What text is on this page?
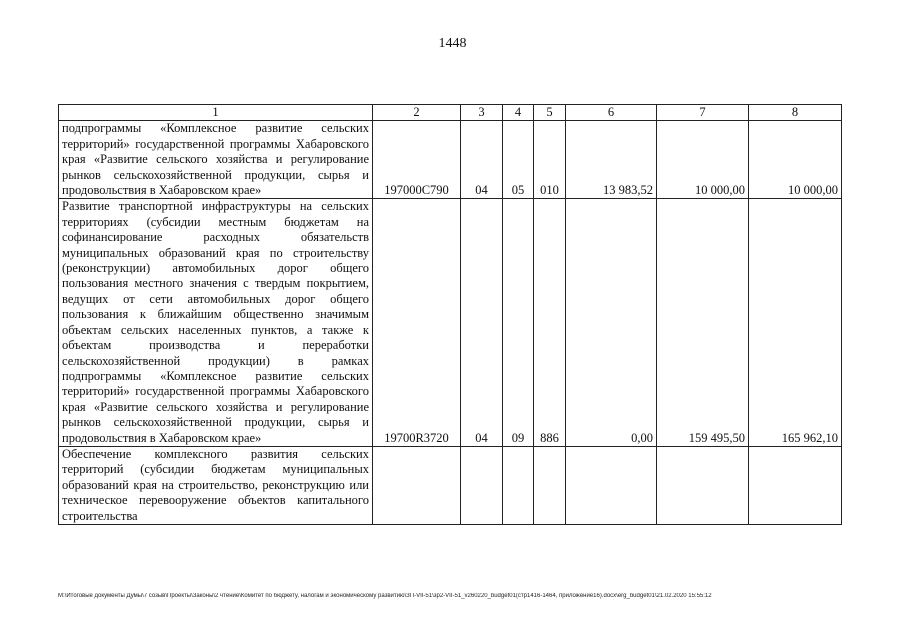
1448
1	2	3	4	5	6	7	8
подпрограммы «Комплексное развитие сельских территорий» государственной программы Хабаровского края «Развитие сельского хозяйства и регулирование рынков сельскохозяйственной продукции, сырья и продовольствия в Хабаровском крае»	197000С790	04	05	010	13 983,52	10 000,00	10 000,00
Развитие транспортной инфраструктуры на сельских территориях (субсидии местным бюджетам на софинансирование расходных обязательств муниципальных образований края по строительству (реконструкции) автомобильных дорог общего пользования местного значения с твердым покрытием, ведущих от сети автомобильных дорог общего пользования к ближайшим общественно значимым объектам сельских населенных пунктов, а также к объектам производства и переработки сельскохозяйственной продукции) в рамках подпрограммы «Комплексное развитие сельских территорий» государственной программы Хабаровского края «Развитие сельского хозяйства и регулирование рынков сельскохозяйственной продукции, сырья и продовольствия в Хабаровском крае»	19700R3720	04	09	886	0,00	159 495,50	165 962,10
Обеспечение комплексного развития сельских территорий (субсидии бюджетам муниципальных образований края на строительство, реконструкцию или техническое перевооружение объектов капитального строительства							
M:\Итоговые документы Думы\7 созыв\Проекты\Законы\2 чтение\Комитет по бюджету, налогам и экономическому развитию\ЗП-VII-51\зр2-VII-51_v260220_budget01(стр1416-1464, приложение16).docx\erg_budget01\21.02.2020 15:55:12
